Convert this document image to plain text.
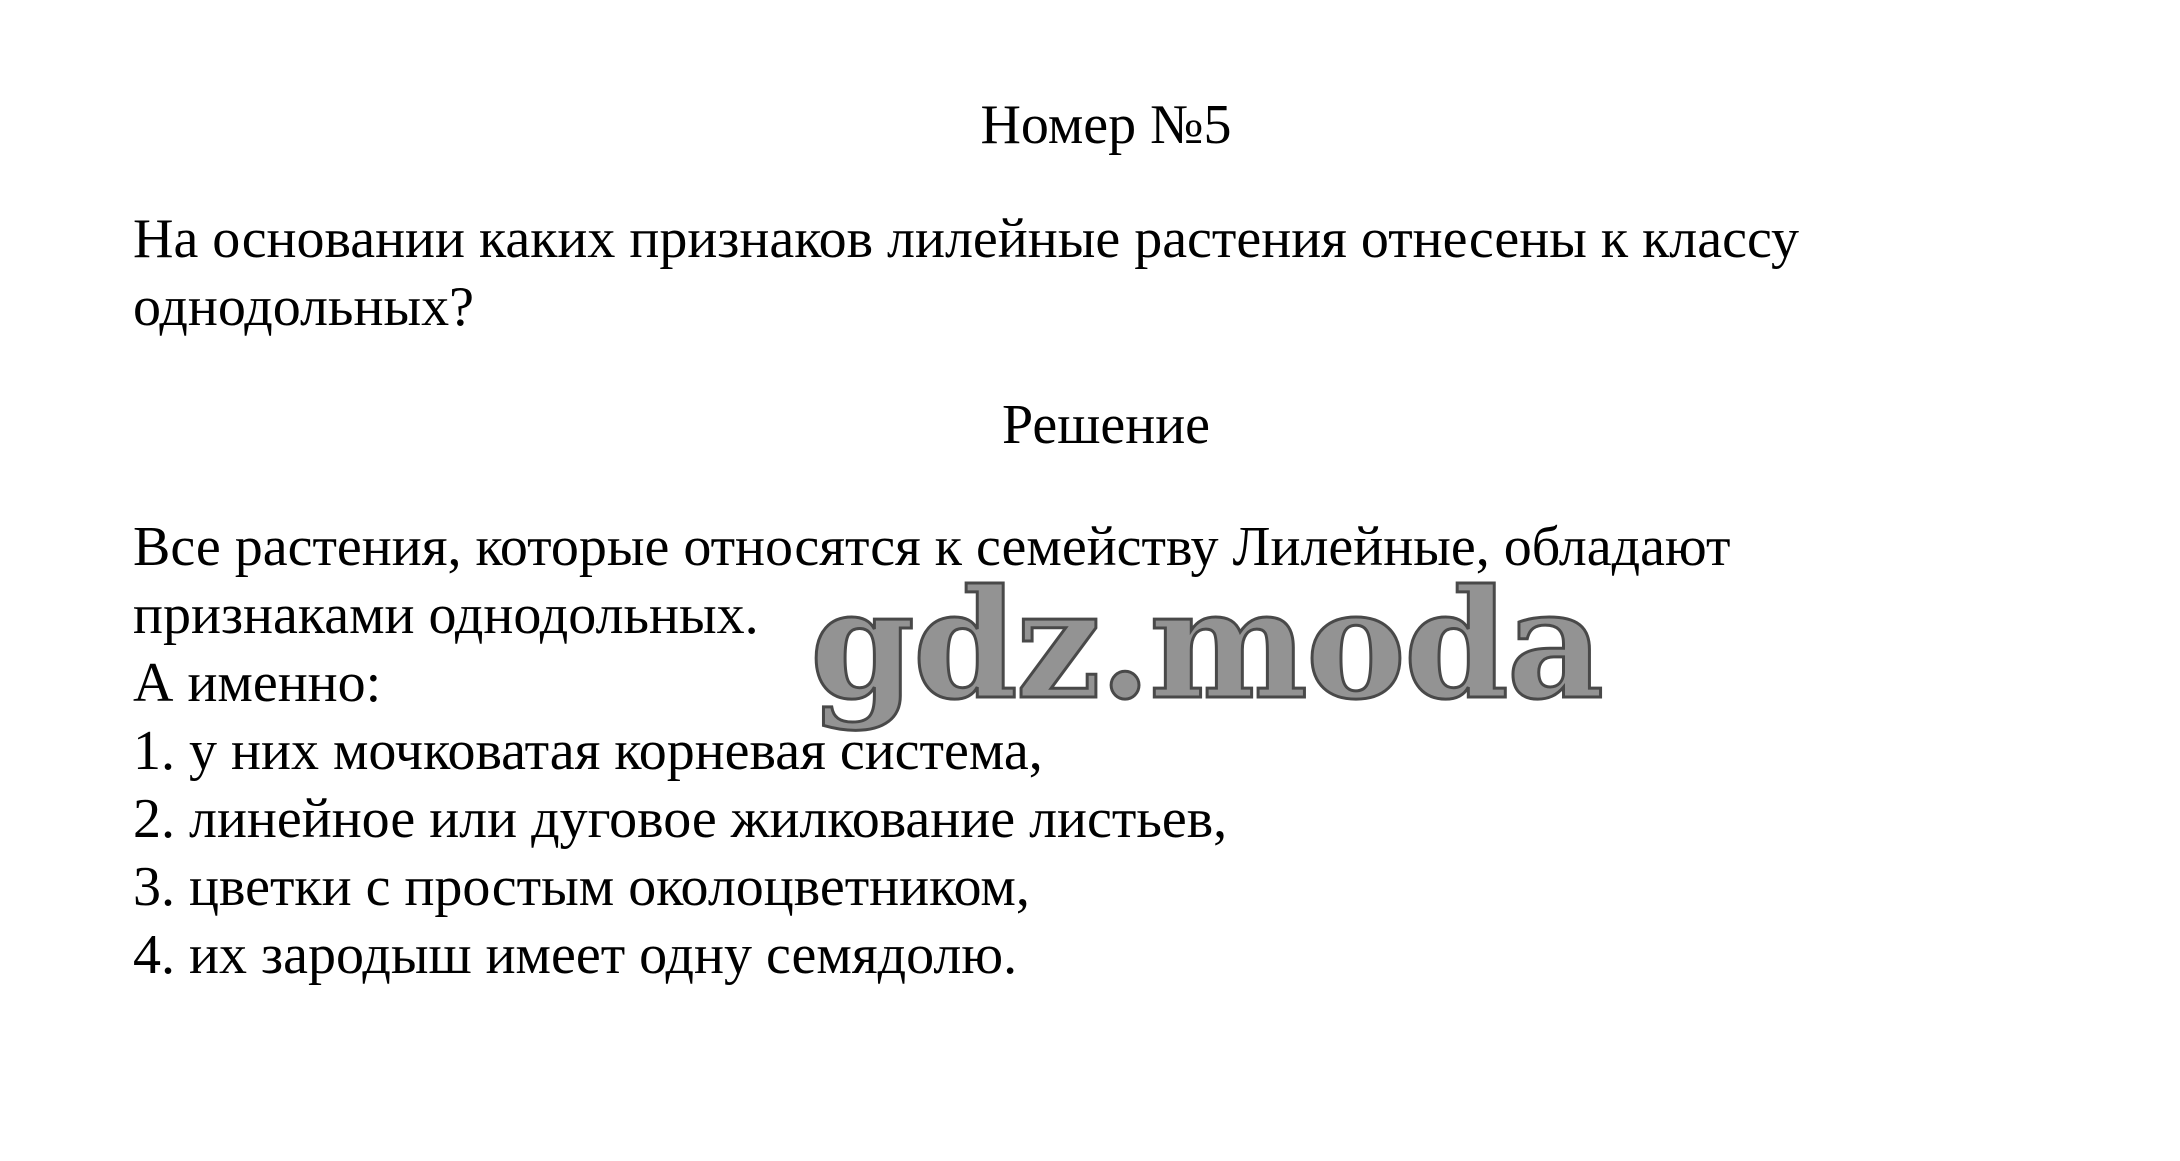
Номер №5
На основании каких признаков лилейные растения отнесены к классу однодольных?
Решение
Все растения, которые относятся к семейству Лилейные, обладают
признаками однодольных.
А именно:
1. у них мочковатая корневая система,
2. линейное или дуговое жилкование листьев,
3. цветки с простым околоцветником,
4. их зародыш имеет одну семядолю.
gdz.moda
